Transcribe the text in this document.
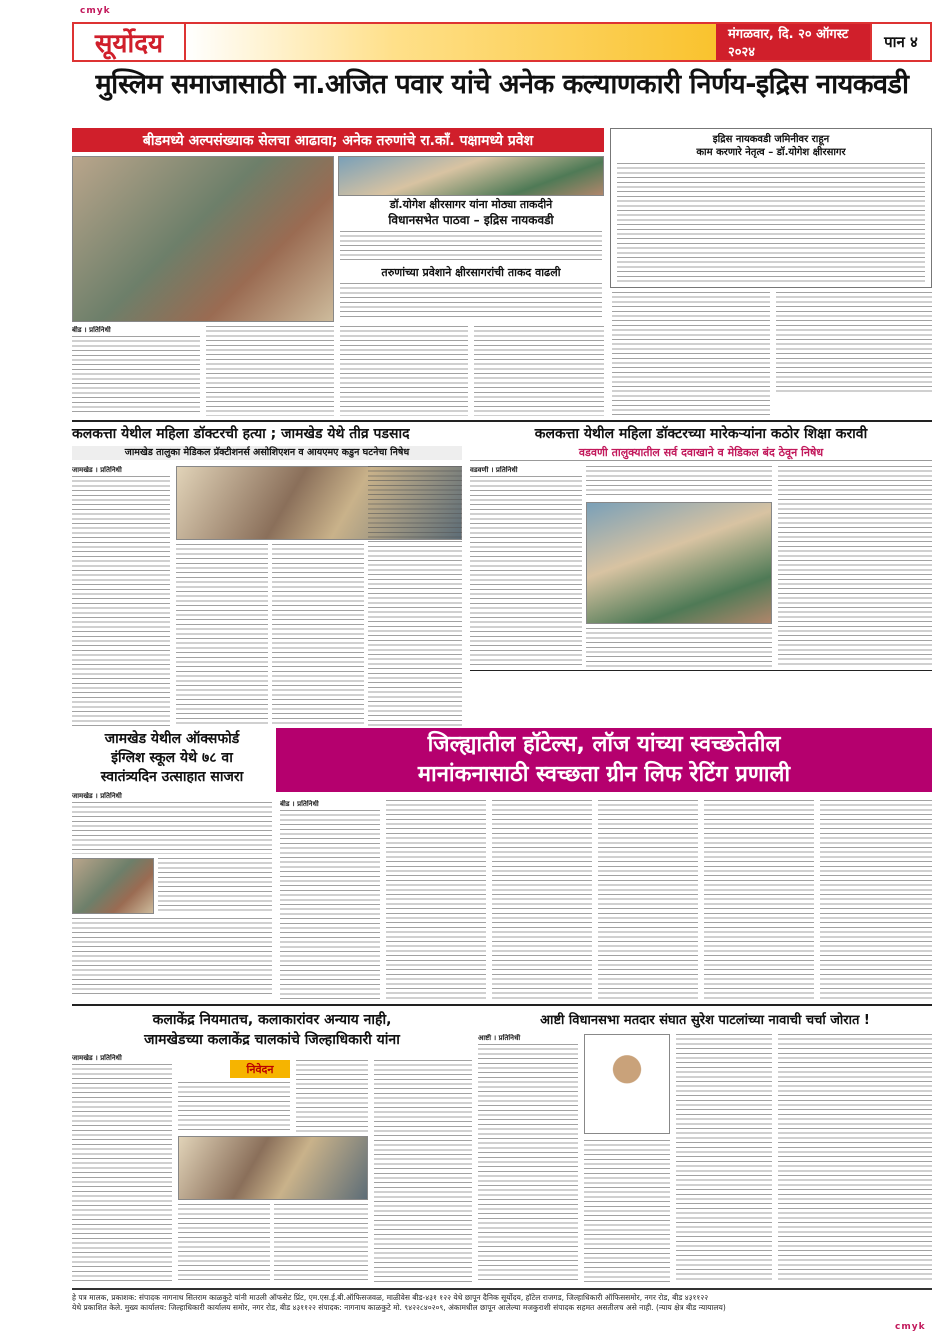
cmyk
cmyk
सूर्योदय	मंगळवार, दि. २० ऑगस्ट २०२४
पान ४
मुस्लिम समाजासाठी ना.अजित पवार यांचे अनेक कल्याणकारी निर्णय-इद्रिस नायकवडी
बीडमध्ये अल्पसंख्याक सेलचा आढावा; अनेक तरुणांचे रा.काँ. पक्षामध्ये प्रवेश
डॉ.योगेश क्षीरसागर यांना मोठ्या ताकदीने
विधानसभेत पाठवा – इद्रिस नायकवडी
तरुणांच्या प्रवेशाने क्षीरसागरांची ताकद वाढली
इद्रिस नायकवडी जमिनीवर राहून
काम करणारे नेतृत्व – डॉ.योगेश क्षीरसागर
बीड । प्रतिनिधी
कलकत्ता येथील महिला डॉक्टरची हत्या ; जामखेड येथे तीव्र पडसाद
जामखेड तालुका मेडिकल प्रॅक्टीशनर्स असोशिएशन व आयएमए कडुन घटनेचा निषेध
जामखेड । प्रतिनिधी
कलकत्ता येथील महिला डॉक्टरच्या मारेकऱ्यांना कठोर शिक्षा करावी
वडवणी तालुक्यातील सर्व दवाखाने व मेडिकल बंद ठेवून निषेध
वडवणी । प्रतिनिधी
जामखेड येथील ऑक्सफोर्ड
इंग्लिश स्कूल येथे ७८ वा
स्वातंत्र्यदिन उत्साहात साजरा
जामखेड । प्रतिनिधी
जिल्ह्यातील हॉटेल्स, लॉज यांच्या स्वच्छतेतील
मानांकनासाठी स्वच्छता ग्रीन लिफ रेटिंग प्रणाली
बीड । प्रतिनिधी
कलाकेंद्र नियमातच, कलाकारांवर अन्याय नाही,
जामखेडच्या कलाकेंद्र चालकांचे जिल्हाधिकारी यांना
जामखेड । प्रतिनिधी
निवेदन
आष्टी विधानसभा मतदार संघात सुरेश पाटलांच्या नावाची चर्चा जोरात !
आष्टी । प्रतिनिधी
हे पत्र मालक, प्रकाशक: संपादक नागनाथ सितराम काळकुटे यांनी माउली ऑफसेट प्रिंट, एम.एस.ई.बी.ऑफिसजवळ, माळीवेस बीड-४३१ १२२ येथे छापून दैनिक सूर्योदय, हॉटेल राजगड, जिल्हाधिकारी ऑफिससमोर, नगर रोड, बीड ४३११२२
येथे प्रकाशित केले. मुख्य कार्यालय: जिल्हाधिकारी कार्यालय समोर, नगर रोड, बीड ४३११२२ संपादक: नागनाथ काळकुटे मो. ९४२२८४०२०९, अंकामधील छापून आलेल्या मजकुराशी संपादक सहमत असतीलच असे नाही. (न्याय क्षेत्र बीड न्यायालय)
